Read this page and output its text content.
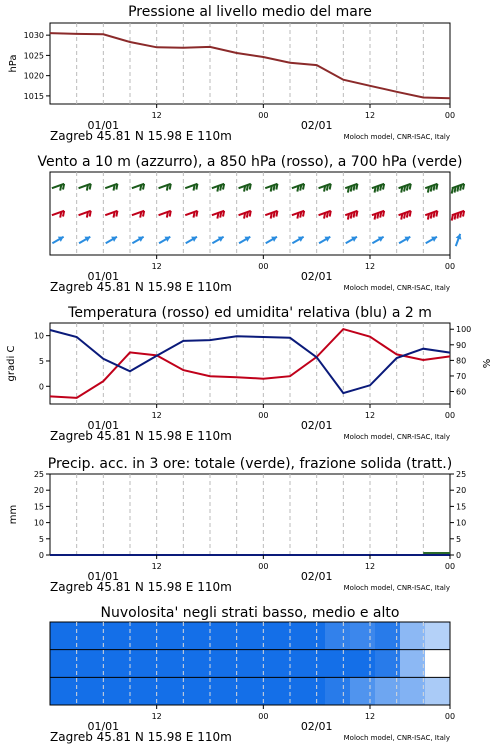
Pressione al livello medio del mare
1015
1020
1025
1030
hPa
12	00	12	00
01/01	02/01
Zagreb 45.81 N 15.98 E 110m	Moloch model, CNR-ISAC, Italy
Vento a 10 m (azzurro), a 850 hPa (rosso), a 700 hPa (verde)
12	00	12	00
01/01	02/01
Zagreb 45.81 N 15.98 E 110m	Moloch model, CNR-ISAC, Italy
Temperatura (rosso) ed umidita' relativa (blu) a 2 m
0
5
10
60
70
80
90
100
gradi C	%
12	00	12	00
01/01	02/01
Zagreb 45.81 N 15.98 E 110m	Moloch model, CNR-ISAC, Italy
Precip. acc. in 3 ore: totale (verde), frazione solida (tratt.)
0
5
10
15
20
25
0
5
10
15
20
25
mm
12	00	12	00
01/01	02/01
Zagreb 45.81 N 15.98 E 110m	Moloch model, CNR-ISAC, Italy
Nuvolosita' negli strati basso, medio e alto
12	00	12	00
01/01	02/01
Zagreb 45.81 N 15.98 E 110m	Moloch model, CNR-ISAC, Italy
